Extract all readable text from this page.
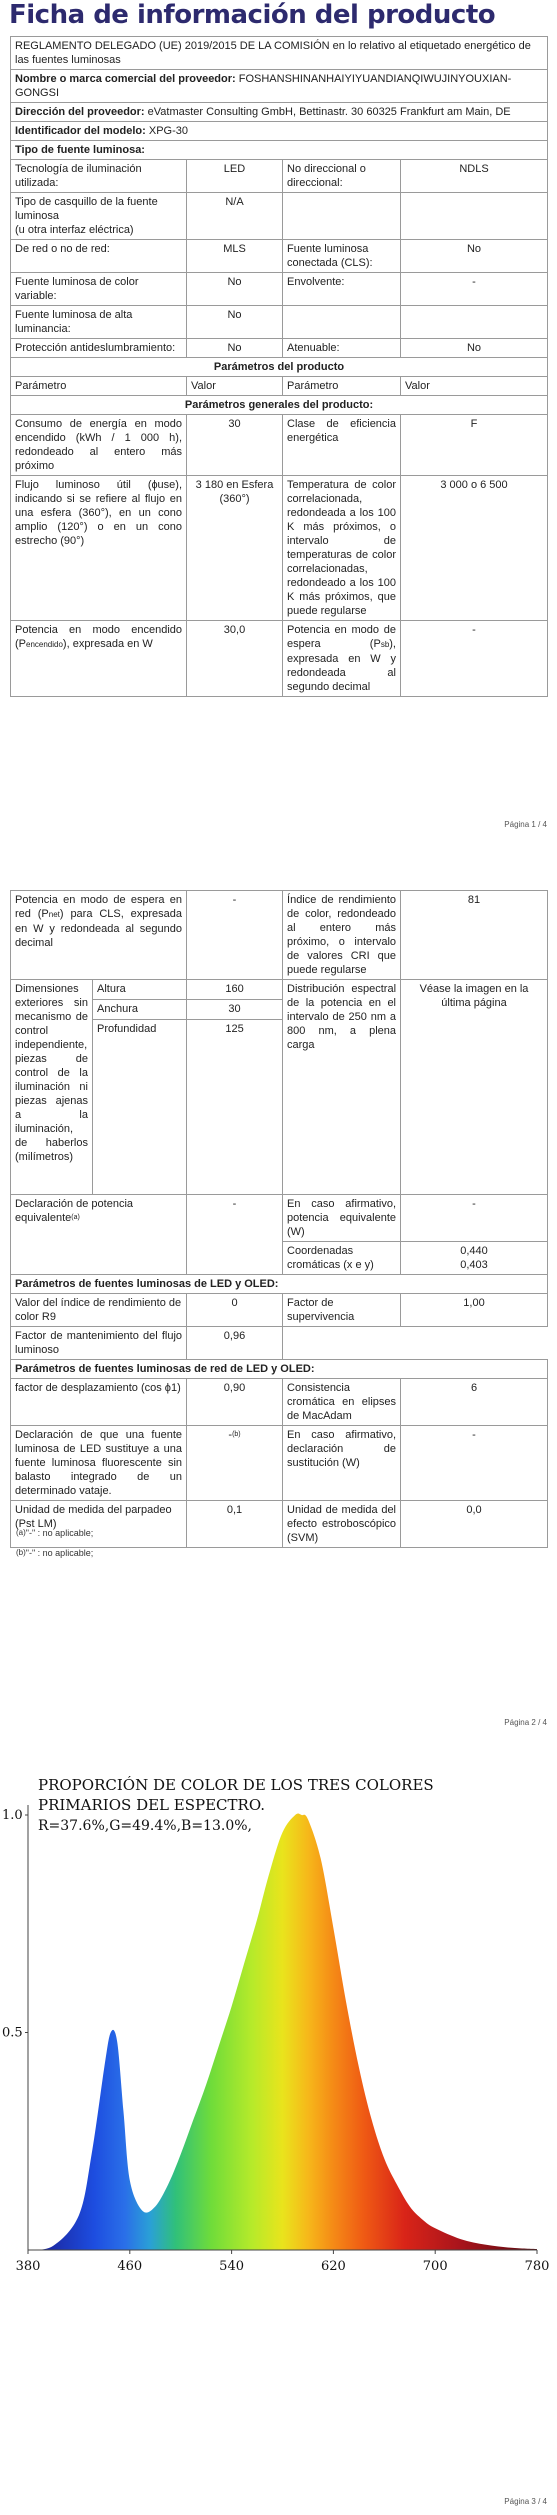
Ficha de información del producto
REGLAMENTO DELEGADO (UE) 2019/2015 DE LA COMISIÓN en lo relativo al etiquetado energético de las fuentes luminosas			
Nombre o marca comercial del proveedor: FOSHANSHINANHAIYIYUANDIANQIWUJINYOUXIAN-GONGSI			
Dirección del proveedor: eVatmaster Consulting GmbH, Bettinastr. 30 60325 Frankfurt am Main, DE			
Identificador del modelo: XPG-30			
Tipo de fuente luminosa:			
Tecnología de iluminación utilizada:	LED	No direccional o direccional:	NDLS
Tipo de casquillo de la fuente luminosa
(u otra interfaz eléctrica)	N/A		
De red o no de red:	MLS	Fuente luminosa conectada (CLS):	No
Fuente luminosa de color variable:	No	Envolvente:	-
Fuente luminosa de alta luminancia:	No		
Protección antideslumbramiento:	No	Atenuable:	No
Parámetros del producto			
Parámetro	Valor	Parámetro	Valor
Parámetros generales del producto:			
Consumo de energía en modo encendido (kWh / 1 000 h), redondeado al entero más próximo	30	Clase de eficiencia energética	F
Flujo luminoso útil (ɸuse), indicando si se refiere al flujo en una esfera (360°), en un cono amplio (120°) o en un cono estrecho (90°)	3 180 en Esfera (360°)	Temperatura de color correlacionada, redondeada a los 100 K más próximos, o intervalo de temperaturas de color correlacionadas, redondeado a los 100 K más próximos, que puede regularse	3 000 o 6 500
Potencia en modo encendido (Pencendido), expresada en W	30,0	Potencia en modo de espera (Psb), expresada en W y redondeada al segundo decimal	-
Página 1 / 4
Potencia en modo de espera en red (Pnet) para CLS, expresada en W y redondeada al segundo decimal		-	Índice de rendimiento de color, redondeado al entero más próximo, o intervalo de valores CRI que puede regularse	81
Dimensiones exteriores sin mecanismo de control independiente, piezas de control de la iluminación ni piezas ajenas a la iluminación, de haberlos (milímetros)	Altura	160	Distribución espectral de la potencia en el intervalo de 250 nm a 800 nm, a plena carga	Véase la imagen en la última página
	Anchura	30		
	Profundidad	125		
Declaración de potencia equivalente$^{(a)}$		-	En caso afirmativo, potencia equivalente (W)	-
			Coordenadas cromáticas (x e y)	0,440
0,403
Parámetros de fuentes luminosas de LED y OLED:				
Valor del índice de rendimiento de color R9		0	Factor de supervivencia	1,00
Factor de mantenimiento del flujo luminoso		0,96		
Parámetros de fuentes luminosas de red de LED y OLED:				
factor de desplazamiento (cos ϕ1)		0,90	Consistencia cromática en elipses de MacAdam	6
Declaración de que una fuente luminosa de LED sustituye a una fuente luminosa fluorescente sin balasto integrado de un determinado vataje.		-$^{(b)}$	En caso afirmativo, declaración de sustitución (W)	-
Unidad de medida del parpadeo (Pst LM)		0,1	Unidad de medida del efecto estroboscópico (SVM)	0,0
(a)"-" : no aplicable;
(b)"-" : no aplicable;
Página 2 / 4
380	460	540	620	700	780
1.0
0.5
PROPORCIÓN DE COLOR DE LOS TRES COLORES
PRIMARIOS DEL ESPECTRO.
R=37.6%,G=49.4%,B=13.0%,
Página 3 / 4
